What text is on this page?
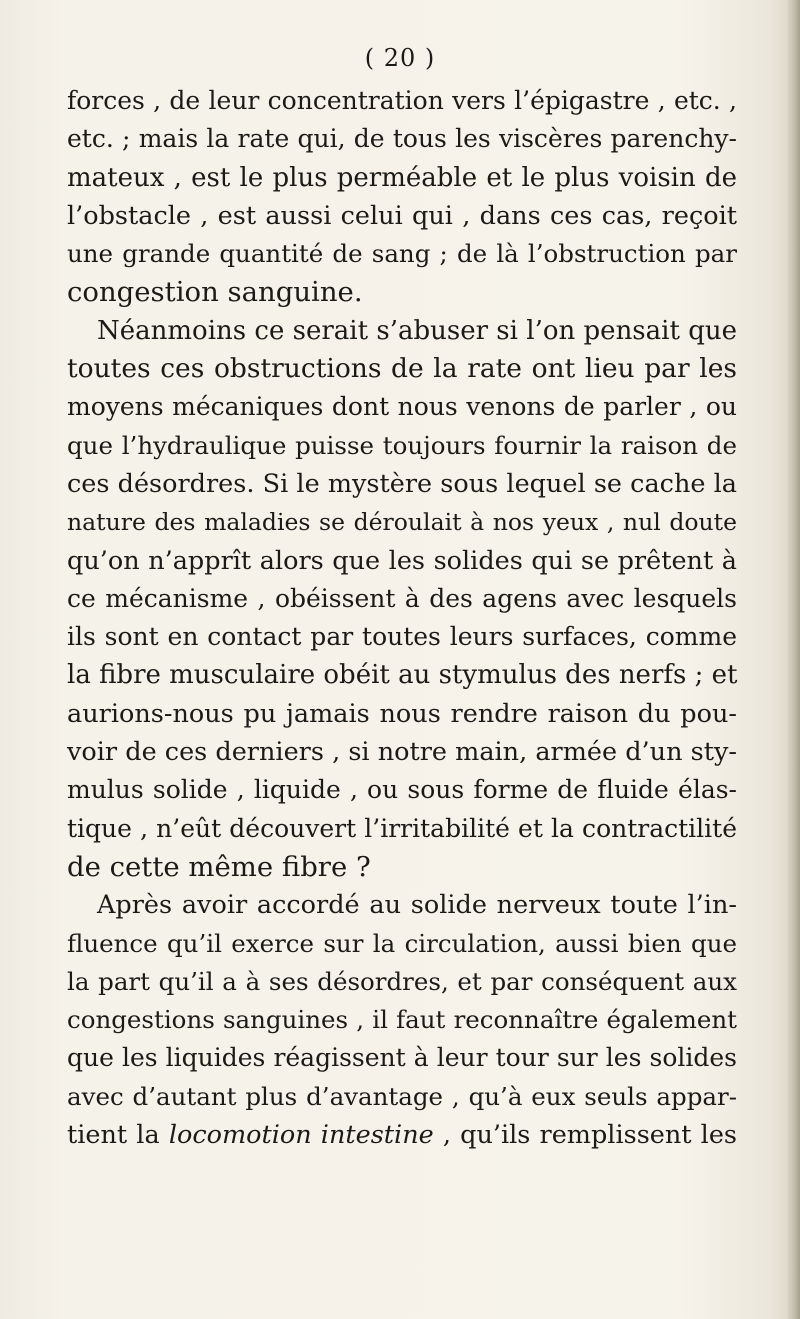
( 20 )
forces , de leur concentration vers l’épigastre , etc. ,
etc. ; mais la rate qui, de tous les viscères parenchy-
mateux , est le plus perméable et le plus voisin de
l’obstacle , est aussi celui qui , dans ces cas, reçoit
une grande quantité de sang ; de là l’obstruction par
congestion sanguine.
Néanmoins ce serait s’abuser si l’on pensait que
toutes ces obstructions de la rate ont lieu par les
moyens mécaniques dont nous venons de parler , ou
que l’hydraulique puisse toujours fournir la raison de
ces désordres. Si le mystère sous lequel se cache la
nature des maladies se déroulait à nos yeux , nul doute
qu’on n’apprît alors que les solides qui se prêtent à
ce mécanisme , obéissent à des agens avec lesquels
ils sont en contact par toutes leurs surfaces, comme
la fibre musculaire obéit au stymulus des nerfs ; et
aurions-nous pu jamais nous rendre raison du pou-
voir de ces derniers , si notre main, armée d’un sty-
mulus solide , liquide , ou sous forme de fluide élas-
tique , n’eût découvert l’irritabilité et la contractilité
de cette même fibre ?
Après avoir accordé au solide nerveux toute l’in-
fluence qu’il exerce sur la circulation, aussi bien que
la part qu’il a à ses désordres, et par conséquent aux
congestions sanguines , il faut reconnaître également
que les liquides réagissent à leur tour sur les solides
avec d’autant plus d’avantage , qu’à eux seuls appar-
tient la locomotion intestine , qu’ils remplissent les
